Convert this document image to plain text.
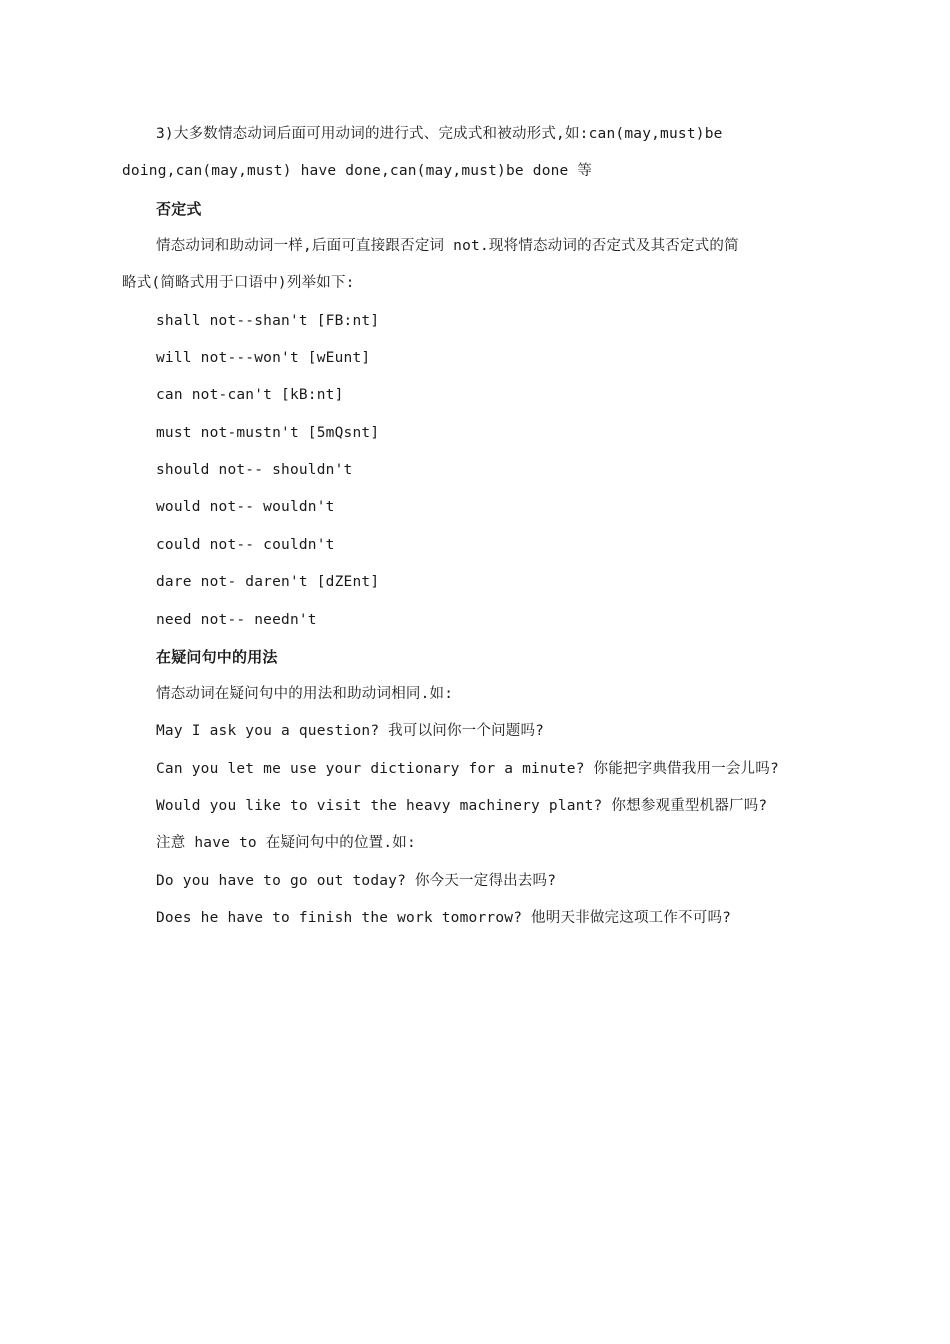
3)大多数情态动词后面可用动词的进行式、完成式和被动形式,如:can(may,must)be
doing,can(may,must) have done,can(may,must)be done 等
否定式
情态动词和助动词一样,后面可直接跟否定词 not.现将情态动词的否定式及其否定式的简
略式(简略式用于口语中)列举如下:
shall not--shan't [FB:nt]
will not---won't [wEunt]
can not-can't [kB:nt]
must not-mustn't [5mQsnt]
should not-- shouldn't
would not-- wouldn't
could not-- couldn't
dare not- daren't [dZEnt]
need not-- needn't
在疑问句中的用法
情态动词在疑问句中的用法和助动词相同.如:
May I ask you a question? 我可以问你一个问题吗?
Can you let me use your dictionary for a minute? 你能把字典借我用一会儿吗?
Would you like to visit the heavy machinery plant? 你想参观重型机器厂吗?
注意 have to 在疑问句中的位置.如:
Do you have to go out today? 你今天一定得出去吗?
Does he have to finish the work tomorrow? 他明天非做完这项工作不可吗?
